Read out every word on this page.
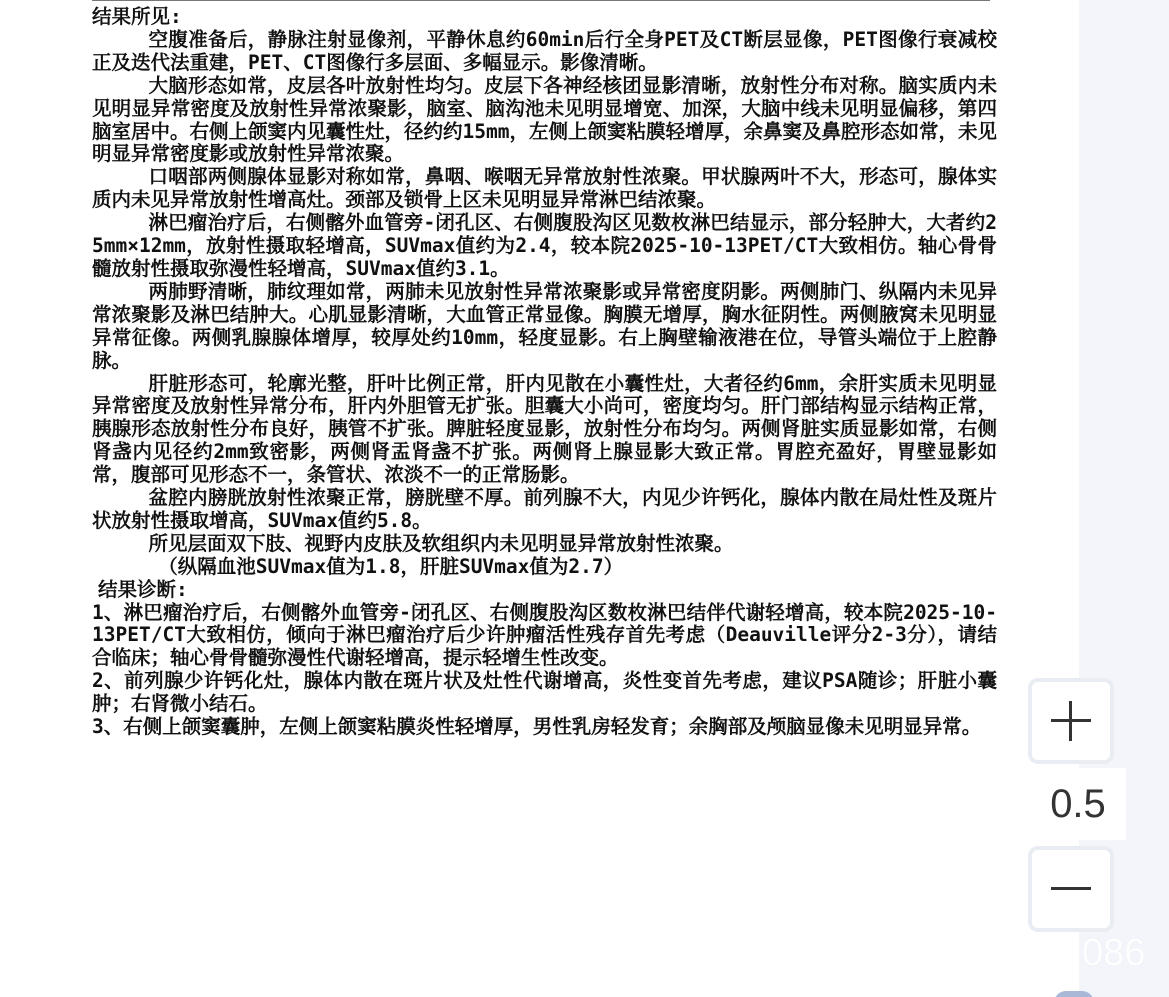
结果所见:
空腹准备后，静脉注射显像剂，平静休息约60min后行全身PET及CT断层显像，PET图像行衰减校正及迭代法重建，PET、CT图像行多层面、多幅显示。影像清晰。
大脑形态如常，皮层各叶放射性均匀。皮层下各神经核团显影清晰，放射性分布对称。脑实质内未见明显异常密度及放射性异常浓聚影，脑室、脑沟池未见明显增宽、加深，大脑中线未见明显偏移，第四脑室居中。右侧上颌窦内见囊性灶，径约约15mm，左侧上颌窦粘膜轻增厚，余鼻窦及鼻腔形态如常，未见明显异常密度影或放射性异常浓聚。
口咽部两侧腺体显影对称如常，鼻咽、喉咽无异常放射性浓聚。甲状腺两叶不大，形态可，腺体实质内未见异常放射性增高灶。颈部及锁骨上区未见明显异常淋巴结浓聚。
淋巴瘤治疗后，右侧髂外血管旁-闭孔区、右侧腹股沟区见数枚淋巴结显示，部分轻肿大，大者约25mm×12mm，放射性摄取轻增高，SUVmax值约为2.4，较本院2025-10-13PET/CT大致相仿。轴心骨骨髓放射性摄取弥漫性轻增高，SUVmax值约3.1。
两肺野清晰，肺纹理如常，两肺未见放射性异常浓聚影或异常密度阴影。两侧肺门、纵隔内未见异常浓聚影及淋巴结肿大。心肌显影清晰，大血管正常显像。胸膜无增厚，胸水征阴性。两侧腋窝未见明显异常征像。两侧乳腺腺体增厚，较厚处约10mm，轻度显影。右上胸壁输液港在位，导管头端位于上腔静脉。
肝脏形态可，轮廓光整，肝叶比例正常，肝内见散在小囊性灶，大者径约6mm，余肝实质未见明显异常密度及放射性异常分布，肝内外胆管无扩张。胆囊大小尚可，密度均匀。肝门部结构显示结构正常，胰腺形态放射性分布良好，胰管不扩张。脾脏轻度显影，放射性分布均匀。两侧肾脏实质显影如常，右侧肾盏内见径约2mm致密影，两侧肾盂肾盏不扩张。两侧肾上腺显影大致正常。胃腔充盈好，胃壁显影如常，腹部可见形态不一，条管状、浓淡不一的正常肠影。
盆腔内膀胱放射性浓聚正常，膀胱壁不厚。前列腺不大，内见少许钙化，腺体内散在局灶性及斑片状放射性摄取增高，SUVmax值约5.8。
所见层面双下肢、视野内皮肤及软组织内未见明显异常放射性浓聚。
（纵隔血池SUVmax值为1.8，肝脏SUVmax值为2.7）
结果诊断:
1、淋巴瘤治疗后，右侧髂外血管旁-闭孔区、右侧腹股沟区数枚淋巴结伴代谢轻增高，较本院2025-10-13PET/CT大致相仿，倾向于淋巴瘤治疗后少许肿瘤活性残存首先考虑（Deauville评分2-3分），请结合临床；轴心骨骨髓弥漫性代谢轻增高，提示轻增生性改变。
2、前列腺少许钙化灶，腺体内散在斑片状及灶性代谢增高，炎性变首先考虑，建议PSA随诊；肝脏小囊肿；右肾微小结石。
3、右侧上颌窦囊肿，左侧上颌窦粘膜炎性轻增厚，男性乳房轻发育；余胸部及颅脑显像未见明显异常。
0.5
086
